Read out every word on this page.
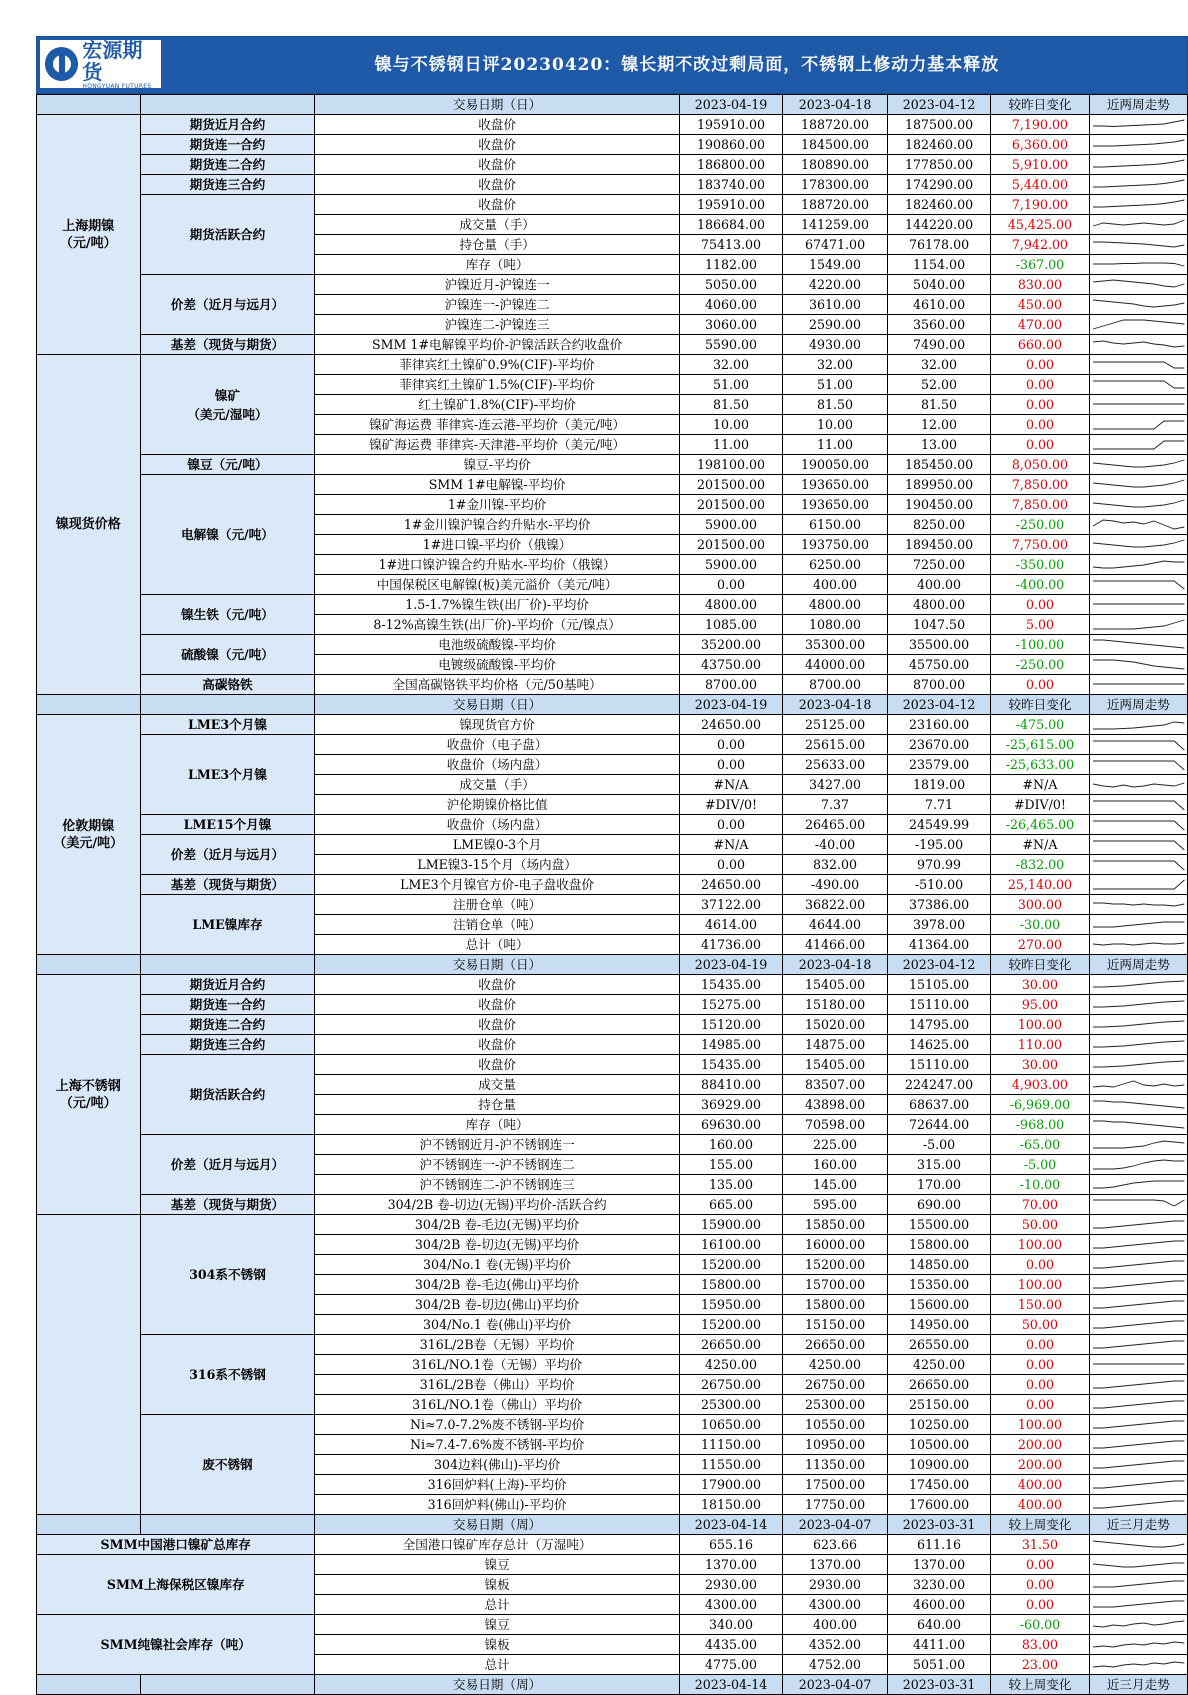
宏源期货
HONGYUAN FUTURES
镍与不锈钢日评20230420：镍长期不改过剩局面，不锈钢上修动力基本释放
		交易日期（日）	2023-04-19	2023-04-18	2023-04-12	较昨日变化	近两周走势
上海期镍
（元/吨）	期货近月合约	收盘价	195910.00	188720.00	187500.00	7,190.00	

	期货连一合约	收盘价	190860.00	184500.00	182460.00	6,360.00	

	期货连二合约	收盘价	186800.00	180890.00	177850.00	5,910.00	

	期货连三合约	收盘价	183740.00	178300.00	174290.00	5,440.00	

	期货活跃合约	收盘价	195910.00	188720.00	182460.00	7,190.00	

		成交量（手）	186684.00	141259.00	144220.00	45,425.00	

		持仓量（手）	75413.00	67471.00	76178.00	7,942.00	

		库存（吨）	1182.00	1549.00	1154.00	-367.00	

	价差（近月与远月）	沪镍近月-沪镍连一	5050.00	4220.00	5040.00	830.00	

		沪镍连一-沪镍连二	4060.00	3610.00	4610.00	450.00	

		沪镍连二-沪镍连三	3060.00	2590.00	3560.00	470.00	

	基差（现货与期货）	SMM 1#电解镍平均价-沪镍活跃合约收盘价	5590.00	4930.00	7490.00	660.00	

镍现货价格	镍矿
（美元/湿吨）	菲律宾红土镍矿0.9%(CIF)-平均价	32.00	32.00	32.00	0.00	

		菲律宾红土镍矿1.5%(CIF)-平均价	51.00	51.00	52.00	0.00	

		红土镍矿1.8%(CIF)-平均价	81.50	81.50	81.50	0.00	

		镍矿海运费 菲律宾-连云港-平均价（美元/吨）	10.00	10.00	12.00	0.00	

		镍矿海运费 菲律宾-天津港-平均价（美元/吨）	11.00	11.00	13.00	0.00	

	镍豆（元/吨）	镍豆-平均价	198100.00	190050.00	185450.00	8,050.00	

	电解镍（元/吨）	SMM 1#电解镍-平均价	201500.00	193650.00	189950.00	7,850.00	

		1#金川镍-平均价	201500.00	193650.00	190450.00	7,850.00	

		1#金川镍沪镍合约升贴水-平均价	5900.00	6150.00	8250.00	-250.00	

		1#进口镍-平均价（俄镍）	201500.00	193750.00	189450.00	7,750.00	

		1#进口镍沪镍合约升贴水-平均价（俄镍）	5900.00	6250.00	7250.00	-350.00	

		中国保税区电解镍(板)美元溢价（美元/吨）	0.00	400.00	400.00	-400.00	

	镍生铁（元/吨）	1.5-1.7%镍生铁(出厂价)-平均价	4800.00	4800.00	4800.00	0.00	

		8-12%高镍生铁(出厂价)-平均价（元/镍点）	1085.00	1080.00	1047.50	5.00	

	硫酸镍（元/吨）	电池级硫酸镍-平均价	35200.00	35300.00	35500.00	-100.00	

		电镀级硫酸镍-平均价	43750.00	44000.00	45750.00	-250.00	

	高碳铬铁	全国高碳铬铁平均价格（元/50基吨）	8700.00	8700.00	8700.00	0.00	

		交易日期（日）	2023-04-19	2023-04-18	2023-04-12	较昨日变化	近两周走势
伦敦期镍
（美元/吨）	LME3个月镍	镍现货官方价	24650.00	25125.00	23160.00	-475.00	

	LME3个月镍	收盘价（电子盘）	0.00	25615.00	23670.00	-25,615.00	

		收盘价（场内盘）	0.00	25633.00	23579.00	-25,633.00	

		成交量（手）	#N/A	3427.00	1819.00	#N/A	

		沪伦期镍价格比值	#DIV/0!	7.37	7.71	#DIV/0!	

	LME15个月镍	收盘价（场内盘）	0.00	26465.00	24549.99	-26,465.00	

	价差（近月与远月）	LME镍0-3个月	#N/A	-40.00	-195.00	#N/A	

		LME镍3-15个月（场内盘）	0.00	832.00	970.99	-832.00	

	基差（现货与期货）	LME3个月镍官方价-电子盘收盘价	24650.00	-490.00	-510.00	25,140.00	

	LME镍库存	注册仓单（吨）	37122.00	36822.00	37386.00	300.00	

		注销仓单（吨）	4614.00	4644.00	3978.00	-30.00	

		总计（吨）	41736.00	41466.00	41364.00	270.00	

		交易日期（日）	2023-04-19	2023-04-18	2023-04-12	较昨日变化	近两周走势
上海不锈钢
（元/吨）	期货近月合约	收盘价	15435.00	15405.00	15105.00	30.00	

	期货连一合约	收盘价	15275.00	15180.00	15110.00	95.00	

	期货连二合约	收盘价	15120.00	15020.00	14795.00	100.00	

	期货连三合约	收盘价	14985.00	14875.00	14625.00	110.00	

	期货活跃合约	收盘价	15435.00	15405.00	15110.00	30.00	

		成交量	88410.00	83507.00	224247.00	4,903.00	

		持仓量	36929.00	43898.00	68637.00	-6,969.00	

		库存（吨）	69630.00	70598.00	72644.00	-968.00	

	价差（近月与远月）	沪不锈钢近月-沪不锈钢连一	160.00	225.00	-5.00	-65.00	

		沪不锈钢连一-沪不锈钢连二	155.00	160.00	315.00	-5.00	

		沪不锈钢连二-沪不锈钢连三	135.00	145.00	170.00	-10.00	

	基差（现货与期货）	304/2B 卷-切边(无锡)平均价-活跃合约	665.00	595.00	690.00	70.00	

	304系不锈钢	304/2B 卷-毛边(无锡)平均价	15900.00	15850.00	15500.00	50.00	

		304/2B 卷-切边(无锡)平均价	16100.00	16000.00	15800.00	100.00	

		304/No.1 卷(无锡)平均价	15200.00	15200.00	14850.00	0.00	

		304/2B 卷-毛边(佛山)平均价	15800.00	15700.00	15350.00	100.00	

		304/2B 卷-切边(佛山)平均价	15950.00	15800.00	15600.00	150.00	

		304/No.1 卷(佛山)平均价	15200.00	15150.00	14950.00	50.00	

	316系不锈钢	316L/2B卷（无锡）平均价	26650.00	26650.00	26550.00	0.00	

		316L/NO.1卷（无锡）平均价	4250.00	4250.00	4250.00	0.00	

		316L/2B卷（佛山）平均价	26750.00	26750.00	26650.00	0.00	

		316L/NO.1卷（佛山）平均价	25300.00	25300.00	25150.00	0.00	

	废不锈钢	Ni≈7.0-7.2%废不锈钢-平均价	10650.00	10550.00	10250.00	100.00	

		Ni≈7.4-7.6%废不锈钢-平均价	11150.00	10950.00	10500.00	200.00	

		304边料(佛山)-平均价	11550.00	11350.00	10900.00	200.00	

		316回炉料(上海)-平均价	17900.00	17500.00	17450.00	400.00	

		316回炉料(佛山)-平均价	18150.00	17750.00	17600.00	400.00	

		交易日期（周）	2023-04-14	2023-04-07	2023-03-31	较上周变化	近三月走势
SMM中国港口镍矿总库存		全国港口镍矿库存总计（万湿吨）	655.16	623.66	611.16	31.50	

SMM上海保税区镍库存		镍豆	1370.00	1370.00	1370.00	0.00	

		镍板	2930.00	2930.00	3230.00	0.00	

		总计	4300.00	4300.00	4600.00	0.00	

SMM纯镍社会库存（吨）		镍豆	340.00	400.00	640.00	-60.00	

		镍板	4435.00	4352.00	4411.00	83.00	

		总计	4775.00	4752.00	5051.00	23.00	

		交易日期（周）	2023-04-14	2023-04-07	2023-03-31	较上周变化	近三月走势
